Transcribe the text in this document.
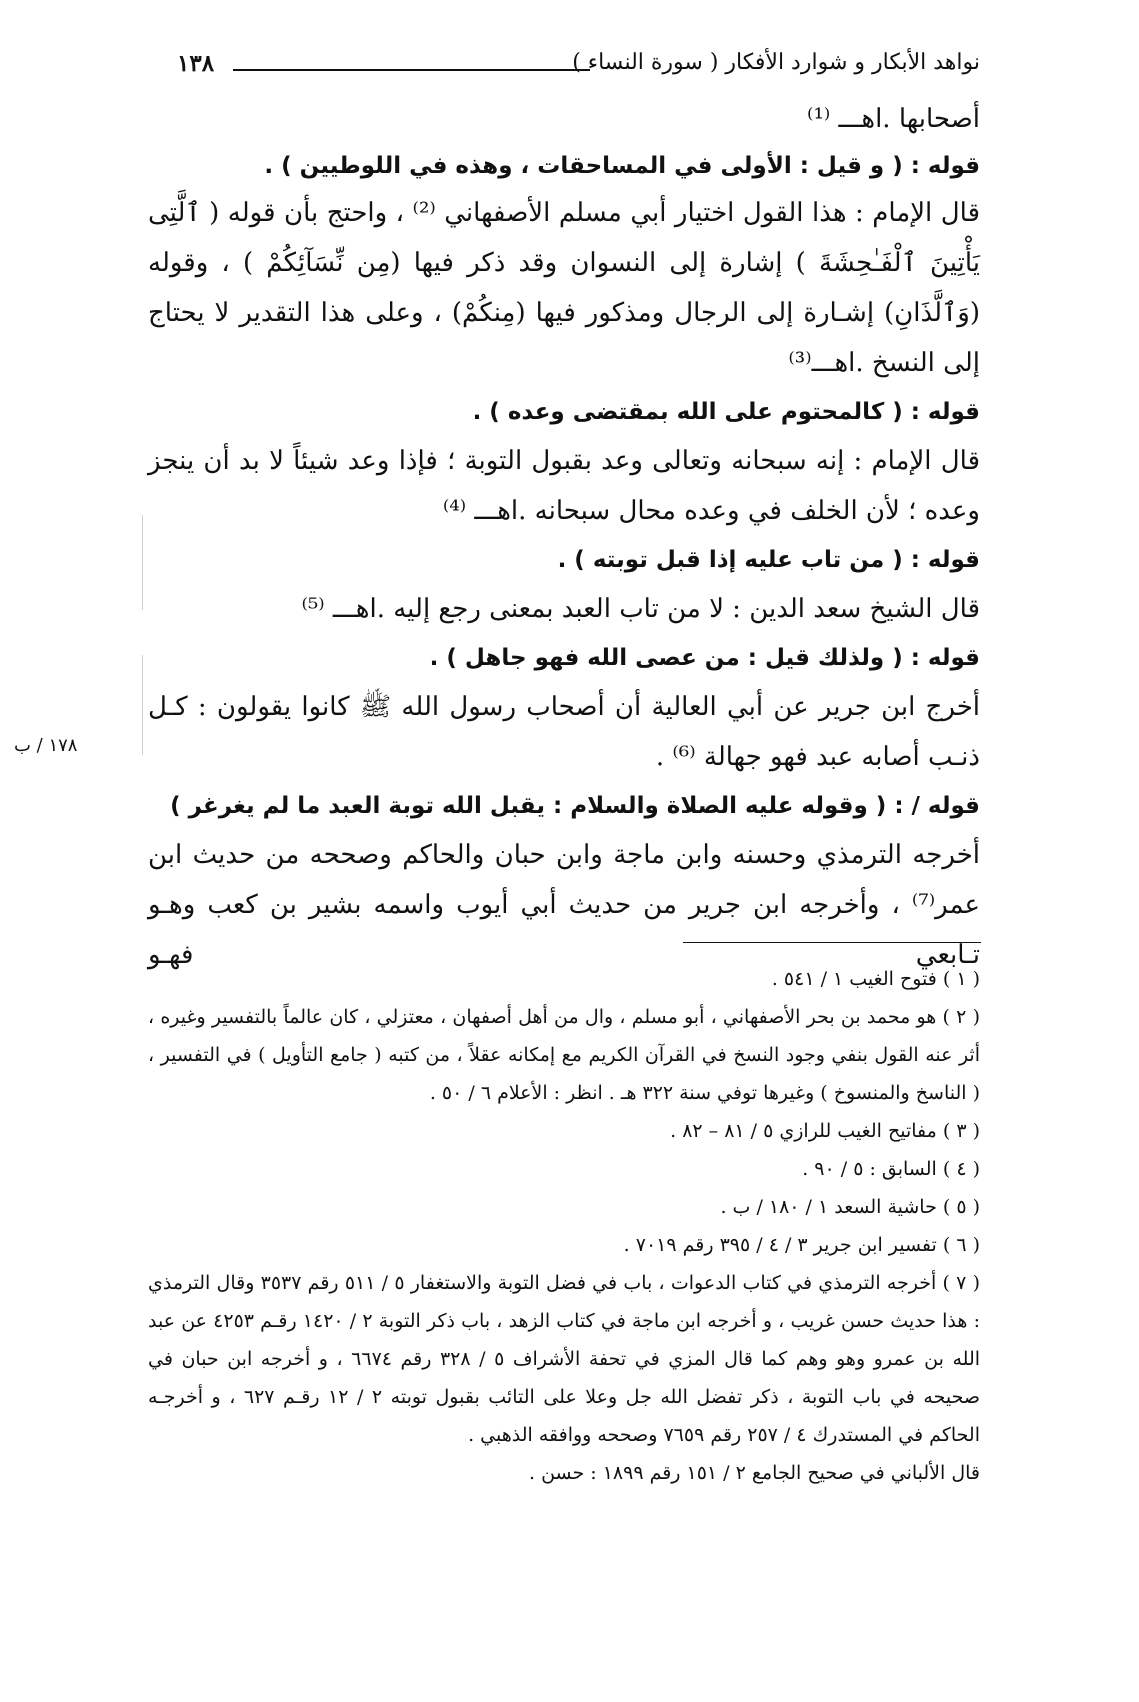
١٣٨	نواهد الأبكار و شوارد الأفكار ( سورة النساء )
١٧٨ / ب

أصحابها .اهـــ ⁽¹⁾

قوله : ( و قيل : الأولى في المساحقات ، وهذه في اللوطيين ) .

قال الإمام : هذا القول اختيار أبي مسلم الأصفهاني ⁽²⁾ ، واحتج بأن قوله ( ٱلَّتِى يَأْتِينَ ٱلْفَـٰحِشَةَ ) إشارة إلى النسوان وقد ذكر فيها (مِن نِّسَآئِكُمْ ) ، وقوله (وَٱلَّذَانِ) إشـارة إلى الرجال ومذكور فيها (مِنكُمْ) ، وعلى هذا التقدير لا يحتاج إلى النسخ .اهـــ⁽³⁾

قوله : ( كالمحتوم على الله بمقتضى وعده ) .

قال الإمام : إنه سبحانه وتعالى وعد بقبول التوبة ؛ فإذا وعد شيئاً لا بد أن ينجز وعده ؛ لأن الخلف في وعده محال سبحانه .اهـــ ⁽⁴⁾

قوله : ( من تاب عليه إذا قبل توبته ) .

قال الشيخ سعد الدين : لا من تاب العبد بمعنى رجع إليه .اهـــ ⁽⁵⁾

قوله : ( ولذلك قيل : من عصى الله فهو جاهل ) .

أخرج ابن جرير عن أبي العالية أن أصحاب رسول الله ﷺ كانوا يقولون : كـل ذنـب أصابه عبد فهو جهالة ⁽⁶⁾ .

قوله / : ( وقوله عليه الصلاة والسلام : يقبل الله توبة العبد ما لم يغرغر )

أخرجه الترمذي وحسنه وابن ماجة وابن حبان والحاكم وصححه من حديث ابن عمر⁽⁷⁾ ، وأخرجه ابن جرير من حديث أبي أيوب واسمه بشير بن كعب وهـو تـابعي فهـو

( ١ ) فتوح الغيب ١ / ٥٤١ .

( ٢ ) هو محمد بن بحر الأصفهاني ، أبو مسلم ، وال من أهل أصفهان ، معتزلي ، كان عالماً بالتفسير وغيره ، أثر عنه القول بنفي وجود النسخ في القرآن الكريم مع إمكانه عقلاً ، من كتبه ( جامع التأويل ) في التفسير ، ( الناسخ والمنسوخ ) وغيرها توفي سنة ٣٢٢ هـ . انظر : الأعلام ٦ / ٥٠ .

( ٣ ) مفاتيح الغيب للرازي ٥ / ٨١ – ٨٢ .

( ٤ ) السابق : ٥ / ٩٠ .

( ٥ ) حاشية السعد ١ / ١٨٠ / ب .

( ٦ ) تفسير ابن جرير ٣ / ٤ / ٣٩٥ رقم ٧٠١٩ .

( ٧ ) أخرجه الترمذي في كتاب الدعوات ، باب في فضل التوبة والاستغفار ٥ / ٥١١ رقم ٣٥٣٧ وقال الترمذي : هذا حديث حسن غريب ، و أخرجه ابن ماجة في كتاب الزهد ، باب ذكر التوبة ٢ / ١٤٢٠ رقـم ٤٢٥٣ عن عبد الله بن عمرو وهو وهم كما قال المزي في تحفة الأشراف ٥ / ٣٢٨ رقم ٦٦٧٤ ، و أخرجه ابن حبان في صحيحه في باب التوبة ، ذكر تفضل الله جل وعلا على التائب بقبول توبته ٢ / ١٢ رقـم ٦٢٧ ، و أخرجـه الحاكم في المستدرك ٤ / ٢٥٧ رقم ٧٦٥٩ وصححه ووافقه الذهبي .

قال الألباني في صحيح الجامع ٢ / ١٥١ رقم ١٨٩٩ : حسن .
